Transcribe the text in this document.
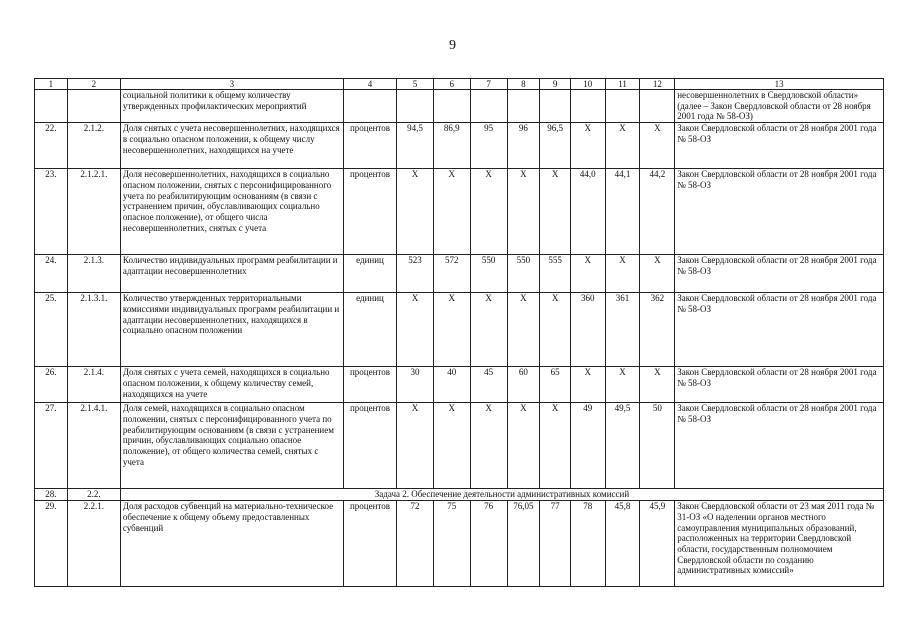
9
1	2	3	4	5	6	7	8	9	10	11	12	13
		социальной политики к общему количеству утвержденных профилактических мероприятий										несовершеннолетних в Свердловской области» (далее – Закон Свердловской области от 28 ноября 2001 года № 58-ОЗ)
22.	2.1.2.	Доля снятых с учета несовершеннолетних, находящихся в социально опасном положении, к общему числу несовершеннолетних, находящихся на учете	процентов	94,5	86,9	95	96	96,5	Х	Х	Х	Закон Свердловской области от 28 ноября 2001 года № 58-ОЗ
23.	2.1.2.1.	Доля несовершеннолетних, находящихся в социально опасном положении, снятых с персонифицированного учета по реабилитирующим основаниям (в связи с устранением причин, обуславливающих социально опасное положение), от общего числа несовершеннолетних, снятых с учета	процентов	Х	Х	Х	Х	Х	44,0	44,1	44,2	Закон Свердловской области от 28 ноября 2001 года № 58-ОЗ
24.	2.1.3.	Количество индивидуальных программ реабилитации и адаптации несовершеннолетних	единиц	523	572	550	550	555	Х	Х	Х	Закон Свердловской области от 28 ноября 2001 года № 58-ОЗ
25.	2.1.3.1.	Количество утвержденных территориальными комиссиями индивидуальных программ реабилитации и адаптации несовершеннолетних, находящихся в социально опасном положении	единиц	Х	Х	Х	Х	Х	360	361	362	Закон Свердловской области от 28 ноября 2001 года № 58-ОЗ
26.	2.1.4.	Доля снятых с учета семей, находящихся в социально опасном положении, к общему количеству семей, находящихся на учете	процентов	30	40	45	60	65	Х	Х	Х	Закон Свердловской области от 28 ноября 2001 года № 58-ОЗ
27.	2.1.4.1.	Доля семей, находящихся в социально опасном положении, снятых с персонифицированного учета по реабилитирующим основаниям (в связи с устранением причин, обуславливающих социально опасное положение), от общего количества семей, снятых с учета	процентов	Х	Х	Х	Х	Х	49	49,5	50	Закон Свердловской области от 28 ноября 2001 года № 58-ОЗ
28.	2.2.	Задача 2. Обеспечение деятельности административных комиссий										
29.	2.2.1.	Доля расходов субвенций на материально-техническое обеспечение к общему объему предоставленных субвенций	процентов	72	75	76	76,05	77	78	45,8	45,9	Закон Свердловской области от 23 мая 2011 года № 31-ОЗ «О наделении органов местного самоуправления муниципальных образований, расположенных на территории Свердловской области, государственным полномочием Свердловской области по созданию административных комиссий»
